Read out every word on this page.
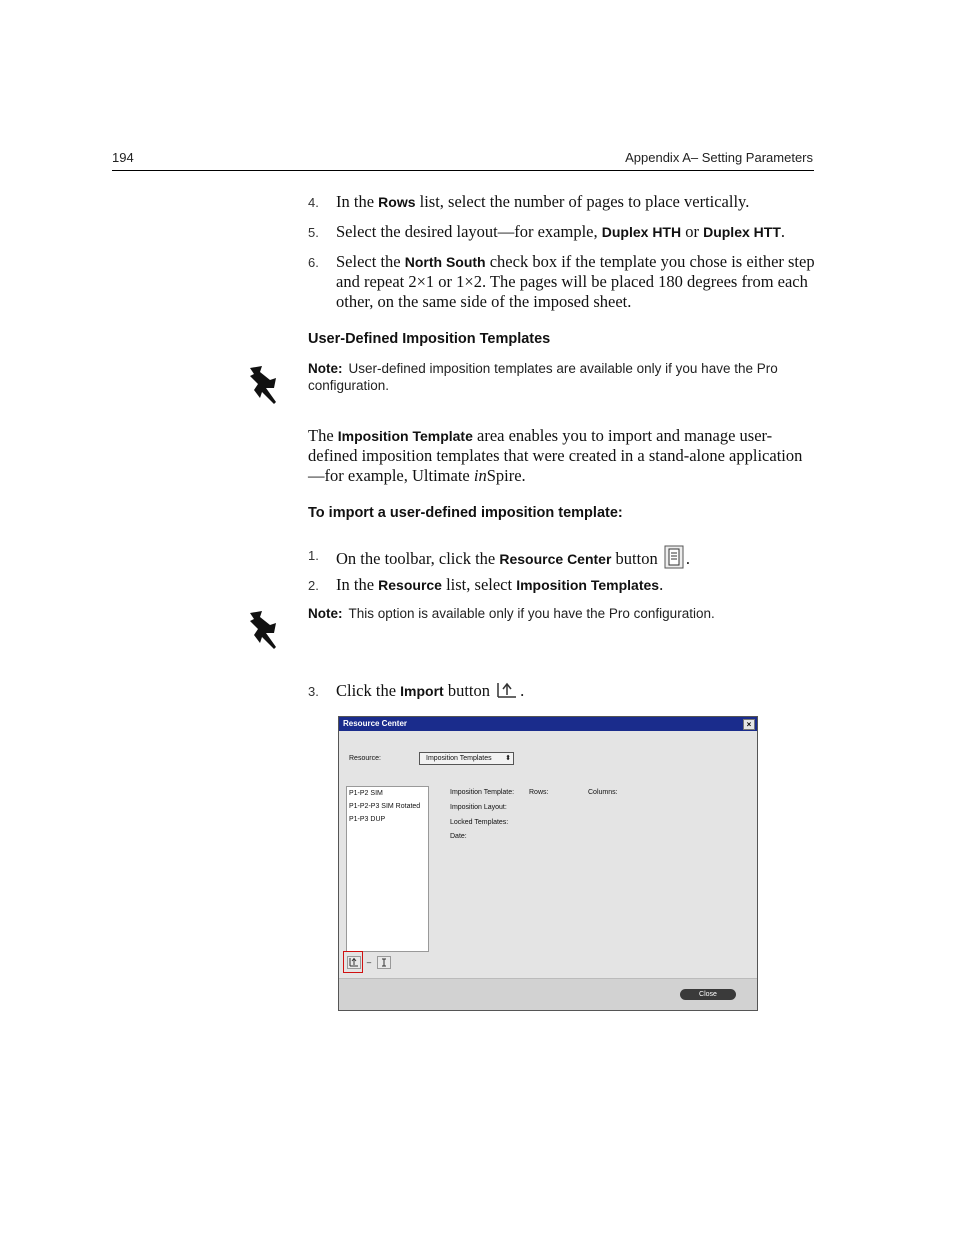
194	Appendix A– Setting Parameters
4. In the Rows list, select the number of pages to place vertically.
5. Select the desired layout—for example, Duplex HTH or Duplex HTT.
6. Select the North South check box if the template you chose is either step and repeat 2×1 or 1×2. The pages will be placed 180 degrees from each other, on the same side of the imposed sheet.
User-Defined Imposition Templates
Note: User-defined imposition templates are available only if you have the Pro configuration.
The Imposition Template area enables you to import and manage user-defined imposition templates that were created in a stand-alone application—for example, Ultimate inSpire.
To import a user-defined imposition template:
1. On the toolbar, click the Resource Center button .
2. In the Resource list, select Imposition Templates.
Note: This option is available only if you have the Pro configuration.
3. Click the Import button .
Resource Center	×
Resource:	Imposition Templates ⬍
P1-P2 SIM
P1-P2-P3 SIM Rotated
P1-P3 DUP
Imposition Template: Rows:	Columns:
Imposition Layout:
Locked Templates:
Date:
–
Close
